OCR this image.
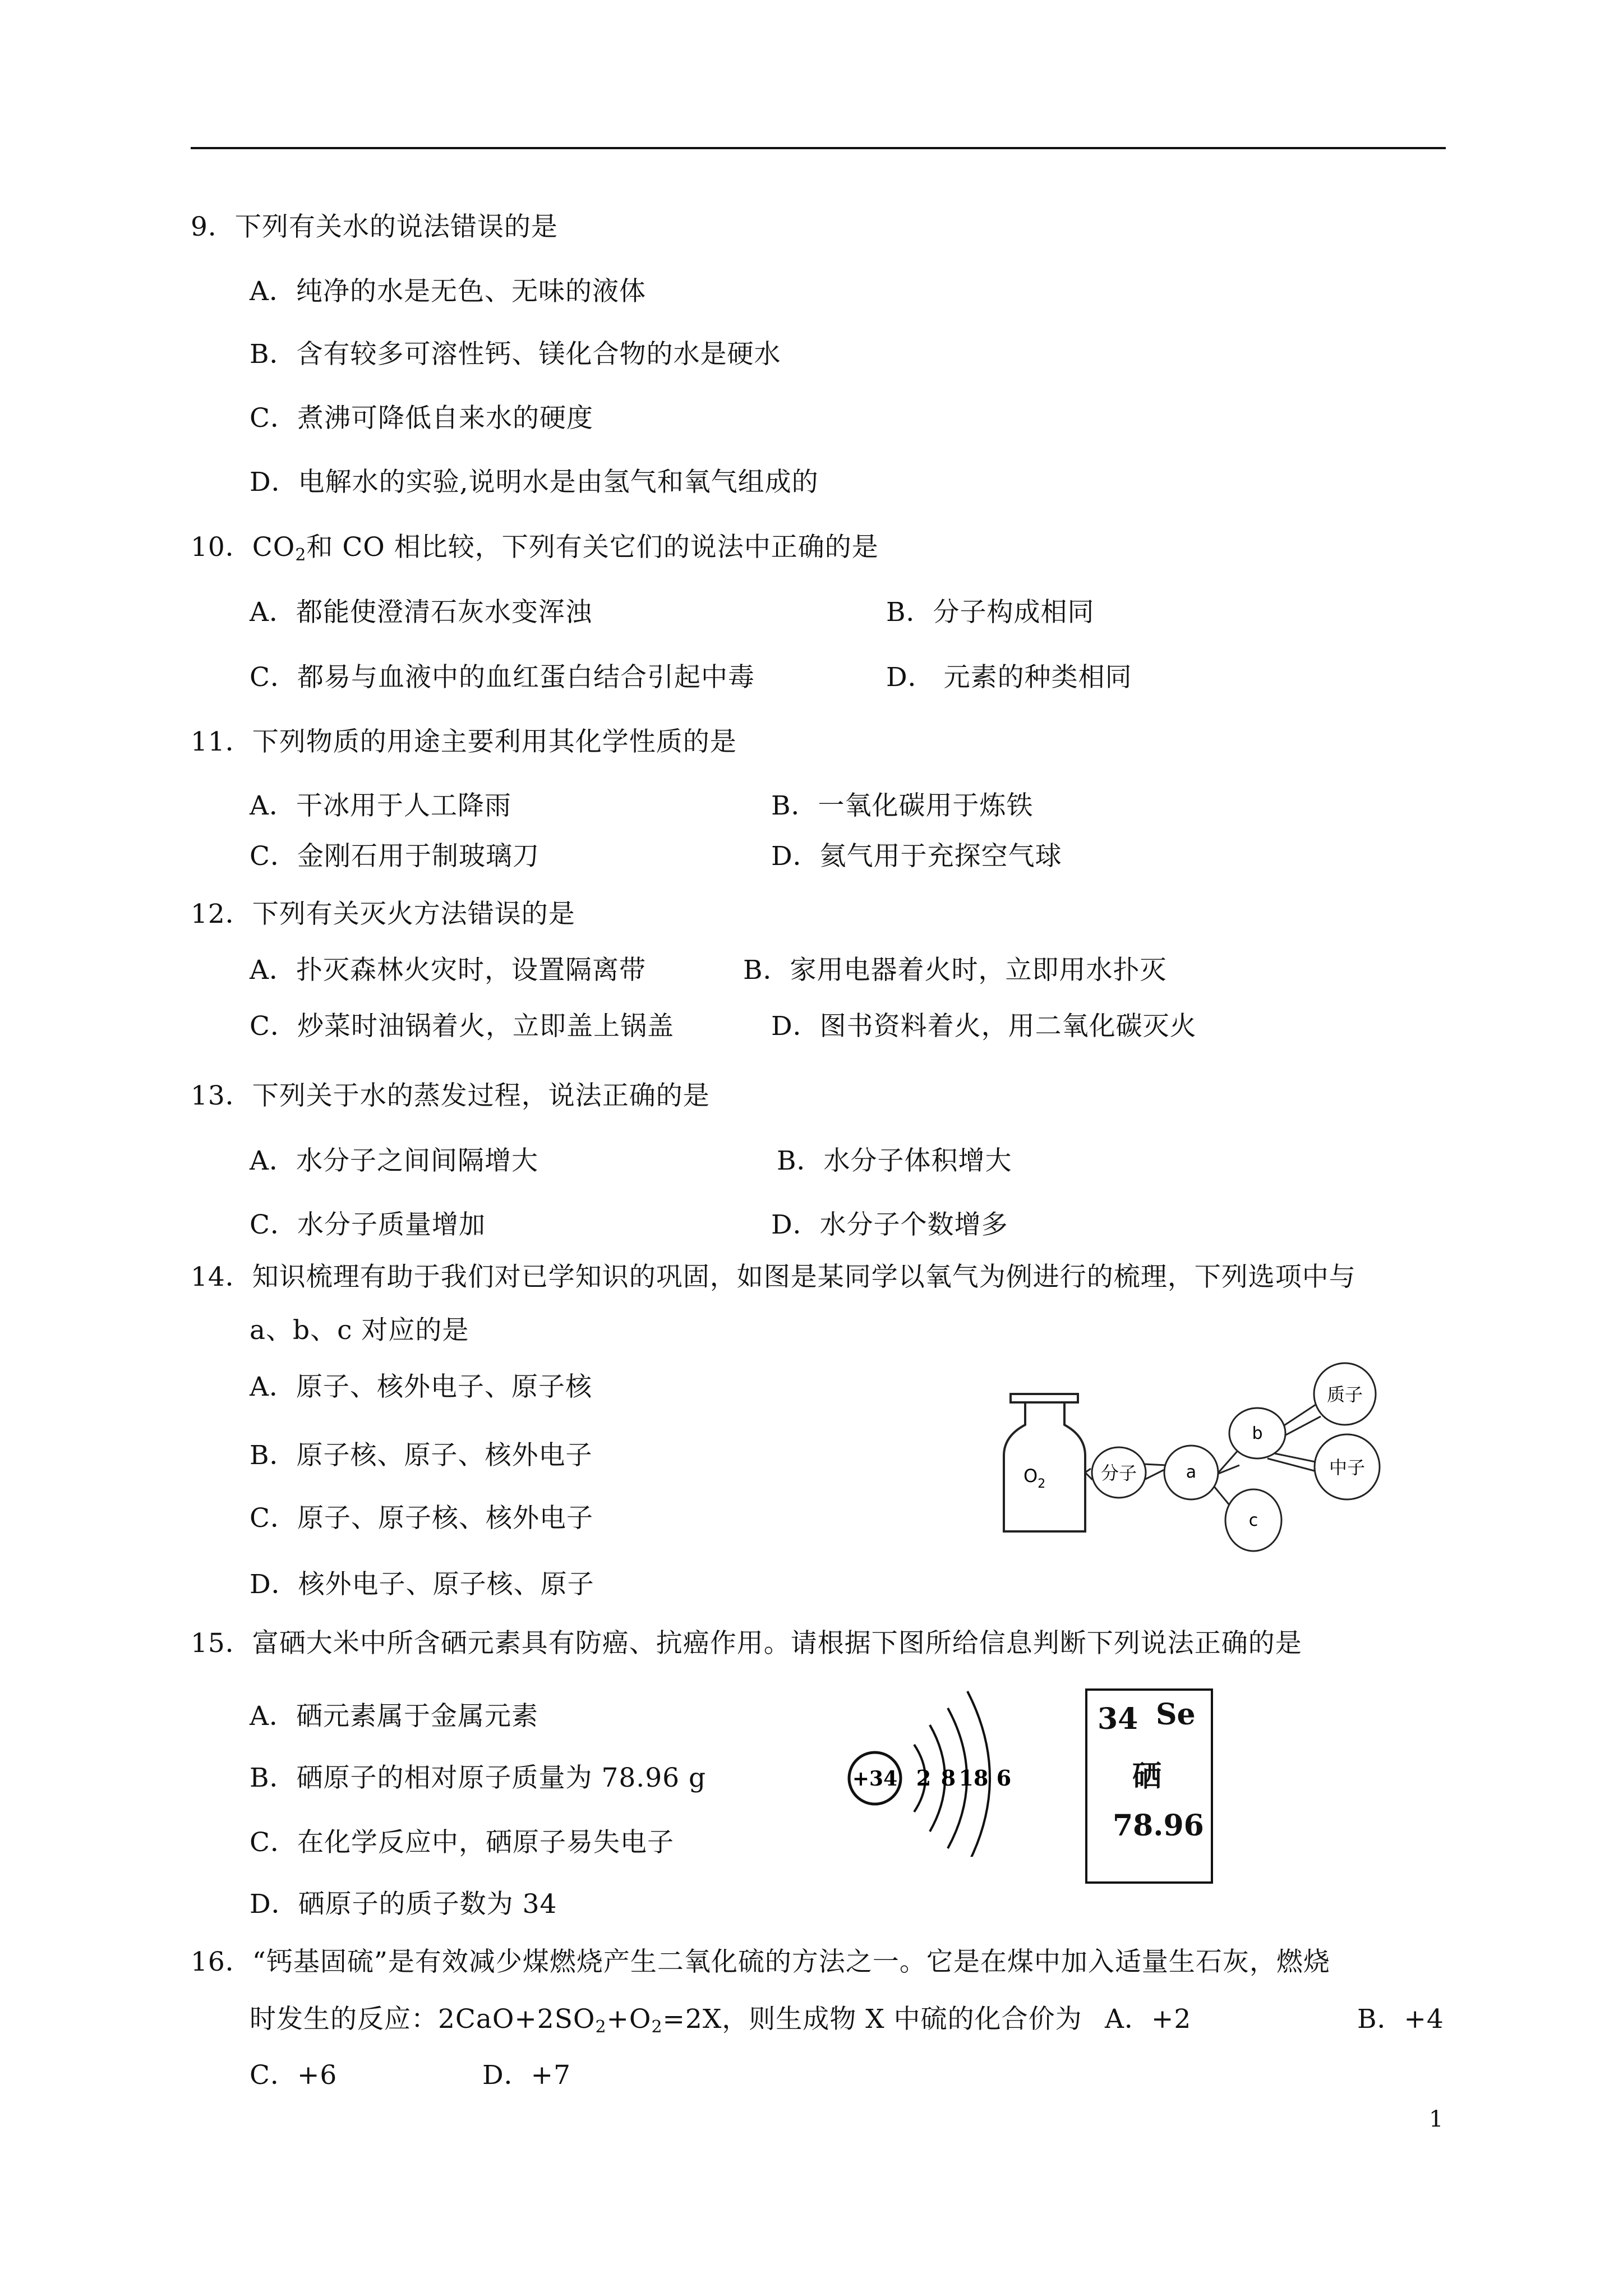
9．下列有关水的说法错误的是
A．纯净的水是无色、无味的液体
B．含有较多可溶性钙、镁化合物的水是硬水
C．煮沸可降低自来水的硬度
D．电解水的实验,说明水是由氢气和氧气组成的
10．$CO_2$和 CO 相比较，下列有关它们的说法中正确的是
A．都能使澄清石灰水变浑浊	B．分子构成相同
C．都易与血液中的血红蛋白结合引起中毒	D． 元素的种类相同
11．下列物质的用途主要利用其化学性质的是
A．干冰用于人工降雨	B．一氧化碳用于炼铁
C．金刚石用于制玻璃刀	D．氦气用于充探空气球
12．下列有关灭火方法错误的是
A．扑灭森林火灾时，设置隔离带	B．家用电器着火时，立即用水扑灭
C．炒菜时油锅着火，立即盖上锅盖	D．图书资料着火，用二氧化碳灭火
13．下列关于水的蒸发过程，说法正确的是
A．水分子之间间隔增大	B．水分子体积增大
C．水分子质量增加	D．水分子个数增多
14．知识梳理有助于我们对已学知识的巩固，如图是某同学以氧气为例进行的梳理，下列选项中与
a、b、c 对应的是
A．原子、核外电子、原子核
B．原子核、原子、核外电子
C．原子、原子核、核外电子
D．核外电子、原子核、原子
$O_2$
分子	a
b
c
质子
中子
15．富硒大米中所含硒元素具有防癌、抗癌作用。请根据下图所给信息判断下列说法正确的是
A．硒元素属于金属元素
B．硒原子的相对原子质量为 78.96 g
C．在化学反应中，硒原子易失电子
D．硒原子的质子数为 34
+34 2 8 18 6
34 Se
硒
78.96
16．“钙基固硫”是有效减少煤燃烧产生二氧化硫的方法之一。它是在煤中加入适量生石灰，燃烧
时发生的反应：$2CaO+2SO_2+O_2=2X$，则生成物 X 中硫的化合价为 A．+2	B．+4
C．+6	D．+7
1
